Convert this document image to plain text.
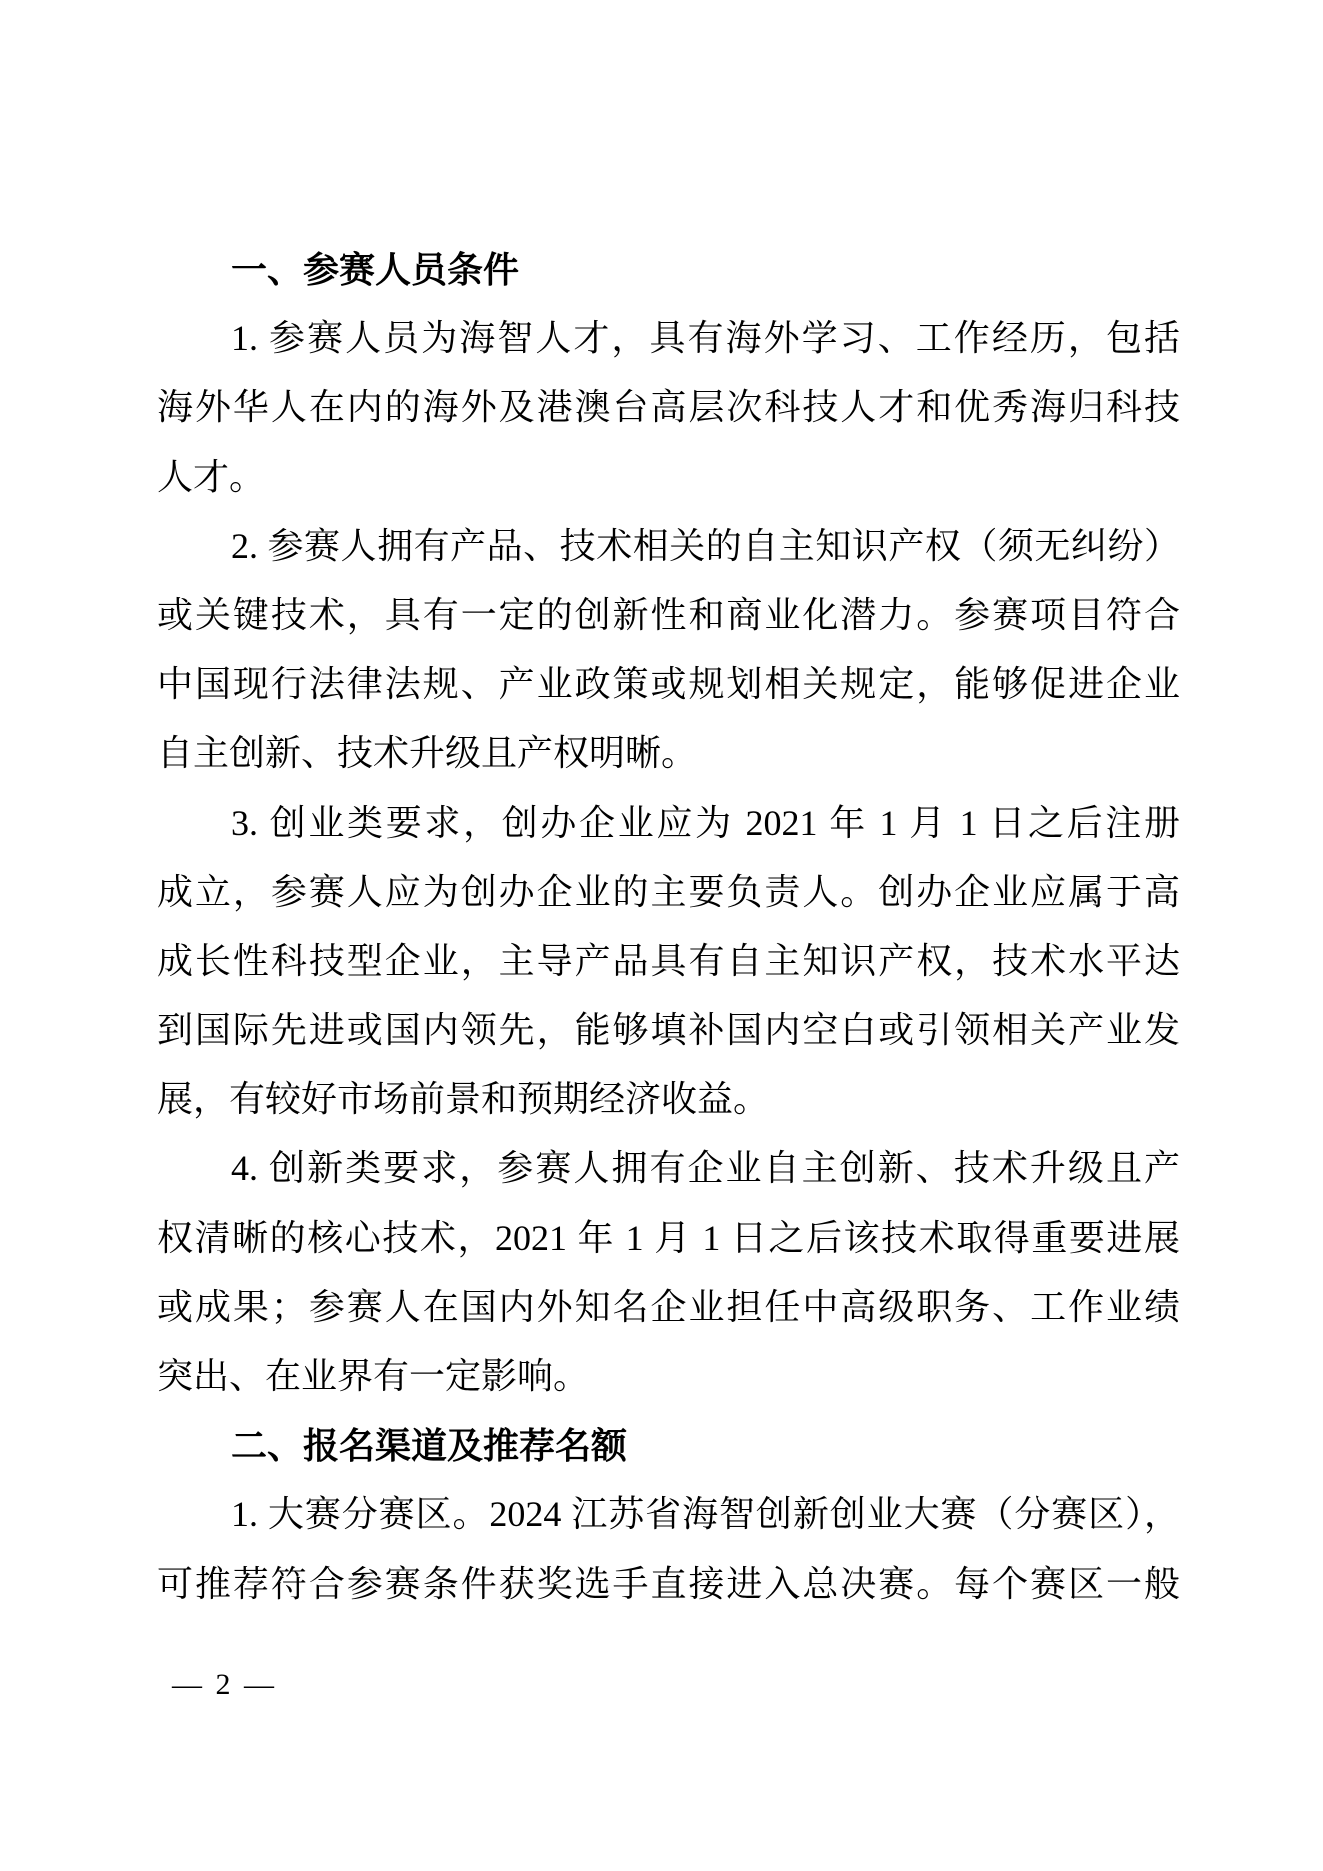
一、参赛人员条件
1. 参赛人员为海智人才，具有海外学习、工作经历，包括
海外华人在内的海外及港澳台高层次科技人才和优秀海归科技
人才。
2. 参赛人拥有产品、技术相关的自主知识产权（须无纠纷）
或关键技术，具有一定的创新性和商业化潜力。参赛项目符合
中国现行法律法规、产业政策或规划相关规定，能够促进企业
自主创新、技术升级且产权明晰。
3. 创业类要求，创办企业应为 2021 年 1 月 1 日之后注册
成立，参赛人应为创办企业的主要负责人。创办企业应属于高
成长性科技型企业，主导产品具有自主知识产权，技术水平达
到国际先进或国内领先，能够填补国内空白或引领相关产业发
展，有较好市场前景和预期经济收益。
4. 创新类要求，参赛人拥有企业自主创新、技术升级且产
权清晰的核心技术，2021 年 1 月 1 日之后该技术取得重要进展
或成果；参赛人在国内外知名企业担任中高级职务、工作业绩
突出、在业界有一定影响。
二、报名渠道及推荐名额
1. 大赛分赛区。2024 江苏省海智创新创业大赛（分赛区），
可推荐符合参赛条件获奖选手直接进入总决赛。每个赛区一般
— 2 —
